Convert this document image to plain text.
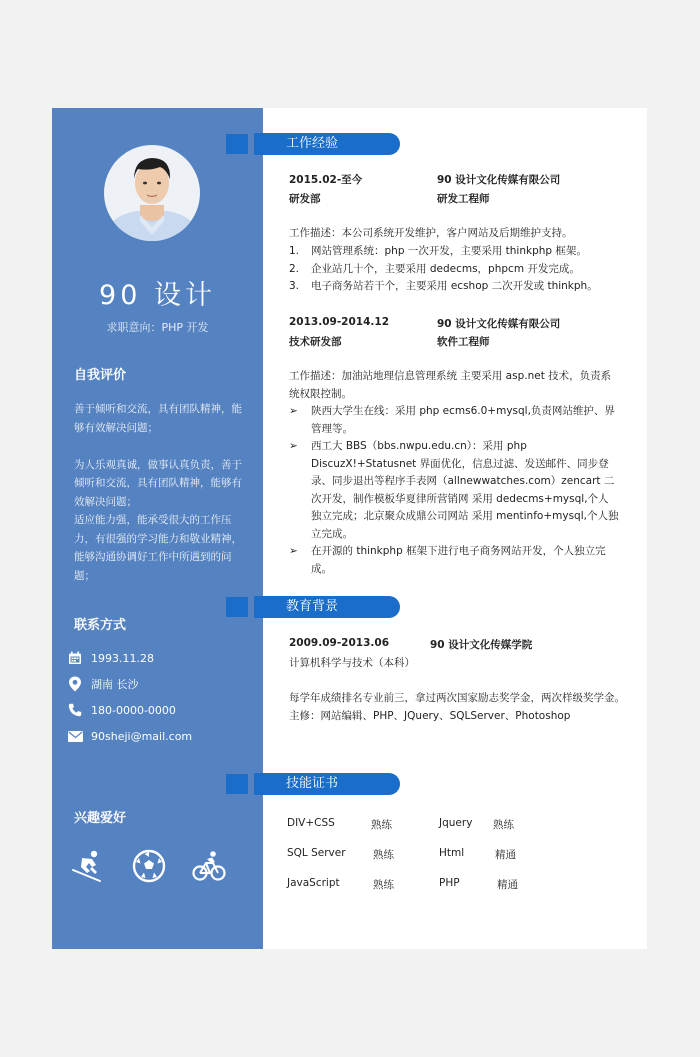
90 设计
求职意向：PHP 开发
自我评价

善于倾听和交流，具有团队精神，能够有效解决问题；

为人乐观真诚，做事认真负责，善于倾听和交流，具有团队精神，能够有效解决问题；

适应能力强，能承受很大的工作压力，有很强的学习能力和敬业精神，能够沟通协调好工作中所遇到的问题；

联系方式
1993.11.28
湖南 长沙
180-0000-0000
90sheji@mail.com
兴趣爱好
工作经验
教育背景
技能证书
2015.02-至今	90 设计文化传媒有限公司
研发部	研发工程师
工作描述：本公司系统开发维护，客户网站及后期维护支持。
1.	网站管理系统：php 一次开发，主要采用 thinkphp 框架。
2.	企业站几十个，主要采用 dedecms，phpcm 开发完成。
3.	电子商务站若干个，主要采用 ecshop 二次开发或 thinkph。
2013.09-2014.12	90 设计文化传媒有限公司
技术研发部	软件工程师
工作描述：加油站地理信息管理系统 主要采用 asp.net 技术，负责系统权限控制。
➢	陕西大学生在线：采用 php ecms6.0+mysql,负责网站维护、界管理等。
➢	西工大 BBS（bbs.nwpu.edu.cn）：采用 php DiscuzX!+Statusnet 界面优化，信息过滤、发送邮件、同步登录、同步退出等程序手表网（allnewwatches.com）zencart 二次开发，制作模板华夏律所营销网 采用 dedecms+mysql,个人独立完成；北京聚众成鼎公司网站 采用 mentinfo+mysql,个人独立完成。
➢	在开源的 thinkphp 框架下进行电子商务网站开发，个人独立完成。
2009.09-2013.06	90 设计文化传媒学院
计算机科学与技术（本科）
每学年成绩排名专业前三，拿过两次国家励志奖学金，两次样级奖学金。
主修：网站编辑、PHP、JQuery、SQLServer、Photoshop
DIV+CSS	熟练	Jquery 熟练
SQL Server	熟练	Html	精通
JavaScript	熟练	PHP	精通
